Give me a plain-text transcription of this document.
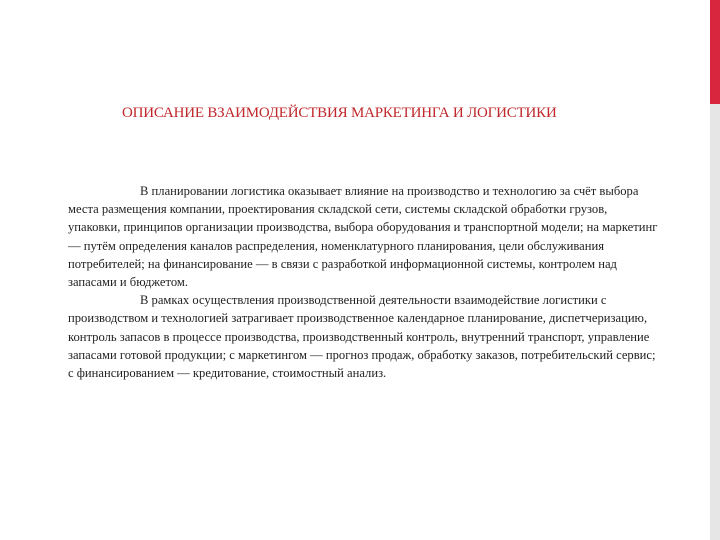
ОПИСАНИЕ ВЗАИМОДЕЙСТВИЯ МАРКЕТИНГА И ЛОГИСТИКИ

В планировании логистика оказывает влияние на производство и технологию за счёт выбора места размещения компании, проектирования складской сети, системы складской обработки грузов, упаковки, принципов организации производства, выбора оборудования и транспортной модели; на маркетинг — путём определения каналов распределения, номенклатурного планирования, цели обслуживания потребителей; на финансирование — в связи с разработкой информационной системы, контролем над запасами и бюджетом.

В рамках осуществления производственной деятельности взаимодействие логистики с производством и технологией затрагивает производственное календарное планирование, диспетчеризацию, контроль запасов в процессе производства, производственный контроль, внутренний транспорт, управление запасами готовой продукции; с маркетингом — прогноз продаж, обработку заказов, потребительский сервис; с финансированием — кредитование, стоимостный анализ.
